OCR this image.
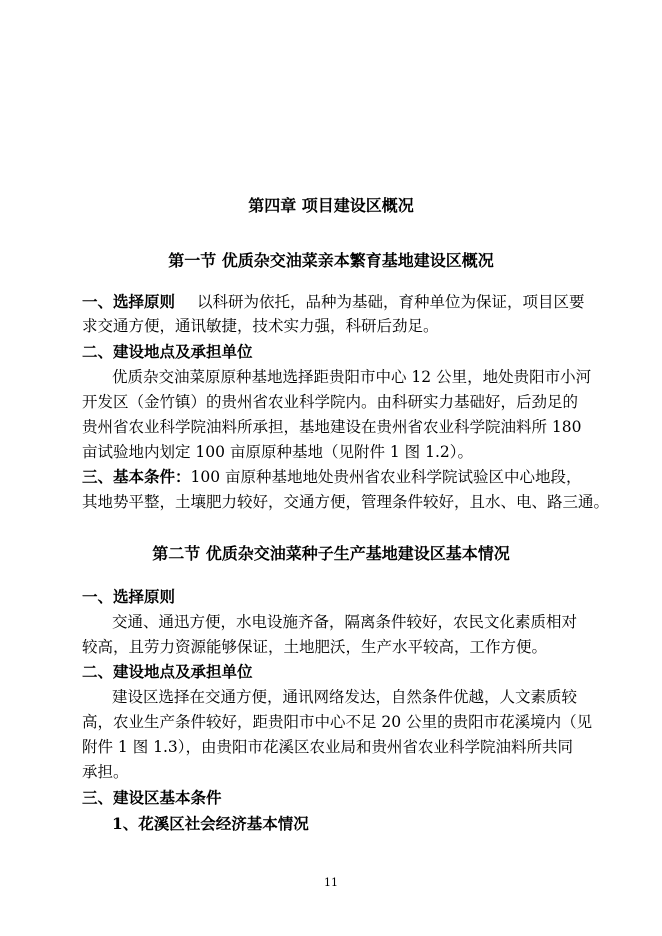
第四章 项目建设区概况
第一节 优质杂交油菜亲本繁育基地建设区概况
一、选择原则 以科研为依托，品种为基础，育种单位为保证，项目区要
求交通方便，通讯敏捷，技术实力强，科研后劲足。
二、建设地点及承担单位
优质杂交油菜原原种基地选择距贵阳市中心 12 公里，地处贵阳市小河
开发区（金竹镇）的贵州省农业科学院内。由科研实力基础好，后劲足的
贵州省农业科学院油料所承担，基地建设在贵州省农业科学院油料所 180
亩试验地内划定 100 亩原原种基地（见附件 1 图 1.2）。
三、基本条件：100 亩原种基地地处贵州省农业科学院试验区中心地段，
其地势平整，土壤肥力较好，交通方便，管理条件较好，且水、电、路三通。
第二节 优质杂交油菜种子生产基地建设区基本情况
一、选择原则
交通、通迅方便，水电设施齐备，隔离条件较好，农民文化素质相对
较高，且劳力资源能够保证，土地肥沃，生产水平较高，工作方便。
二、建设地点及承担单位
建设区选择在交通方便，通讯网络发达，自然条件优越，人文素质较
高，农业生产条件较好，距贵阳市中心不足 20 公里的贵阳市花溪境内（见
附件 1 图 1.3），由贵阳市花溪区农业局和贵州省农业科学院油料所共同
承担。
三、建设区基本条件
1、花溪区社会经济基本情况
11
